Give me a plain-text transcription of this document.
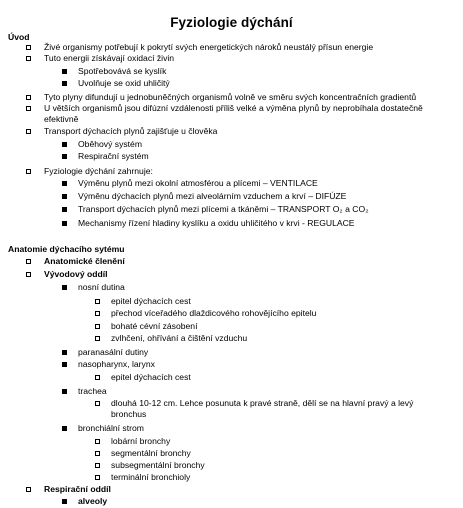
Fyziologie dýchání
Úvod
Živé organismy potřebují k pokrytí svých energetických nároků neustálý přísun energie
Tuto energii získávají oxidací živin
Spotřebovává se kyslík
Uvolňuje se oxid uhličitý
Tyto plyny difundují u jednobuněčných organismů volně ve směru svých koncentračních gradientů
U větších organismů jsou difúzní vzdálenosti příliš velké a výměna plynů by neprobíhala dostatečně
efektivně
Transport dýchacích plynů zajišťuje u člověka
Oběhový systém
Respirační systém
Fyziologie dýchání zahrnuje:
Výměnu plynů mezi okolní atmosférou a plícemi – VENTILACE
Výměnu dýchacích plynů mezi alveolárním vzduchem a krví – DIFÚZE
Transport dýchacích plynů mezi plícemi a tkáněmi – TRANSPORT O₂ a CO₂
Mechanismy řízení hladiny kyslíku a oxidu uhličitého v krvi - REGULACE
Anatomie dýchacího sytému
Anatomické členění
Vývodový oddíl
nosní dutina
epitel dýchacích cest
přechod víceřadého dlaždicového rohovějícího epitelu
bohaté cévní zásobení
zvlhčení, ohřívání a čištění vzduchu
paranasální dutiny
nasopharynx, larynx
epitel dýchacích cest
trachea
dlouhá 10-12 cm. Lehce posunuta k pravé straně, dělí se na hlavní pravý a levý
bronchus
bronchiální strom
lobární bronchy
segmentální bronchy
subsegmentální bronchy
terminální bronchioly
Respirační oddíl
alveoly
